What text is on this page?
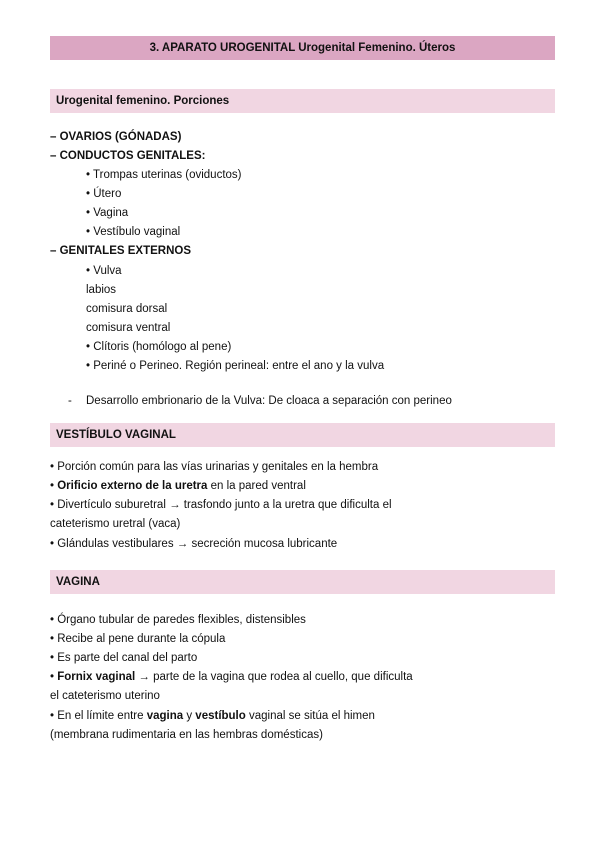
3. APARATO UROGENITAL Urogenital Femenino. Úteros
Urogenital femenino. Porciones
– OVARIOS (GÓNADAS)
– CONDUCTOS GENITALES:
• Trompas uterinas (oviductos)
• Útero
• Vagina
• Vestíbulo vaginal
– GENITALES EXTERNOS
• Vulva
labios
comisura dorsal
comisura ventral
• Clítoris (homólogo al pene)
• Periné o Perineo. Región perineal: entre el ano y la vulva
- Desarrollo embrionario de la Vulva: De cloaca a separación con perineo
VESTÍBULO VAGINAL
• Porción común para las vías urinarias y genitales en la hembra
• Orificio externo de la uretra en la pared ventral
• Divertículo suburetral → trasfondo junto a la uretra que dificulta el
cateterismo uretral (vaca)
• Glándulas vestibulares → secreción mucosa lubricante
VAGINA
• Órgano tubular de paredes flexibles, distensibles
• Recibe al pene durante la cópula
• Es parte del canal del parto
• Fornix vaginal → parte de la vagina que rodea al cuello, que dificulta
el cateterismo uterino
• En el límite entre vagina y vestíbulo vaginal se sitúa el himen
(membrana rudimentaria en las hembras domésticas)
